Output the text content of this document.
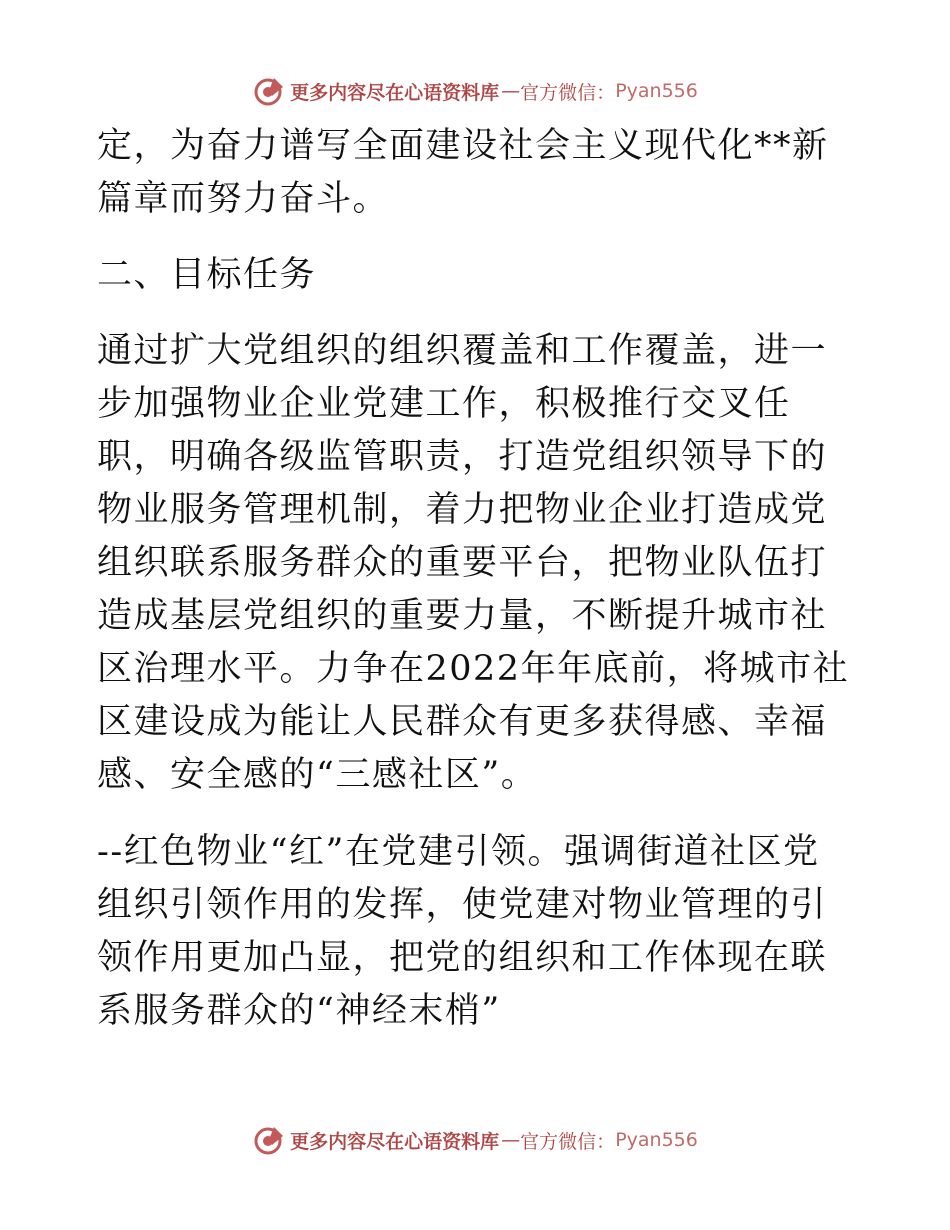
更多内容尽在心语资料库 — 官方微信： Pyan556

定，为奋力谱写全面建设社会主义现代化**新篇章而努力奋斗。

二、目标任务

通过扩大党组织的组织覆盖和工作覆盖，进一步加强物业企业党建工作，积极推行交叉任职，明确各级监管职责，打造党组织领导下的物业服务管理机制，着力把物业企业打造成党组织联系服务群众的重要平台，把物业队伍打造成基层党组织的重要力量，不断提升城市社区治理水平。力争在2022年年底前，将城市社区建设成为能让人民群众有更多获得感、幸福感、安全感的“三感社区”。

--红色物业“红”在党建引领。强调街道社区党组织引领作用的发挥，使党建对物业管理的引领作用更加凸显，把党的组织和工作体现在联系服务群众的“神经末梢”

更多内容尽在心语资料库 — 官方微信： Pyan556
